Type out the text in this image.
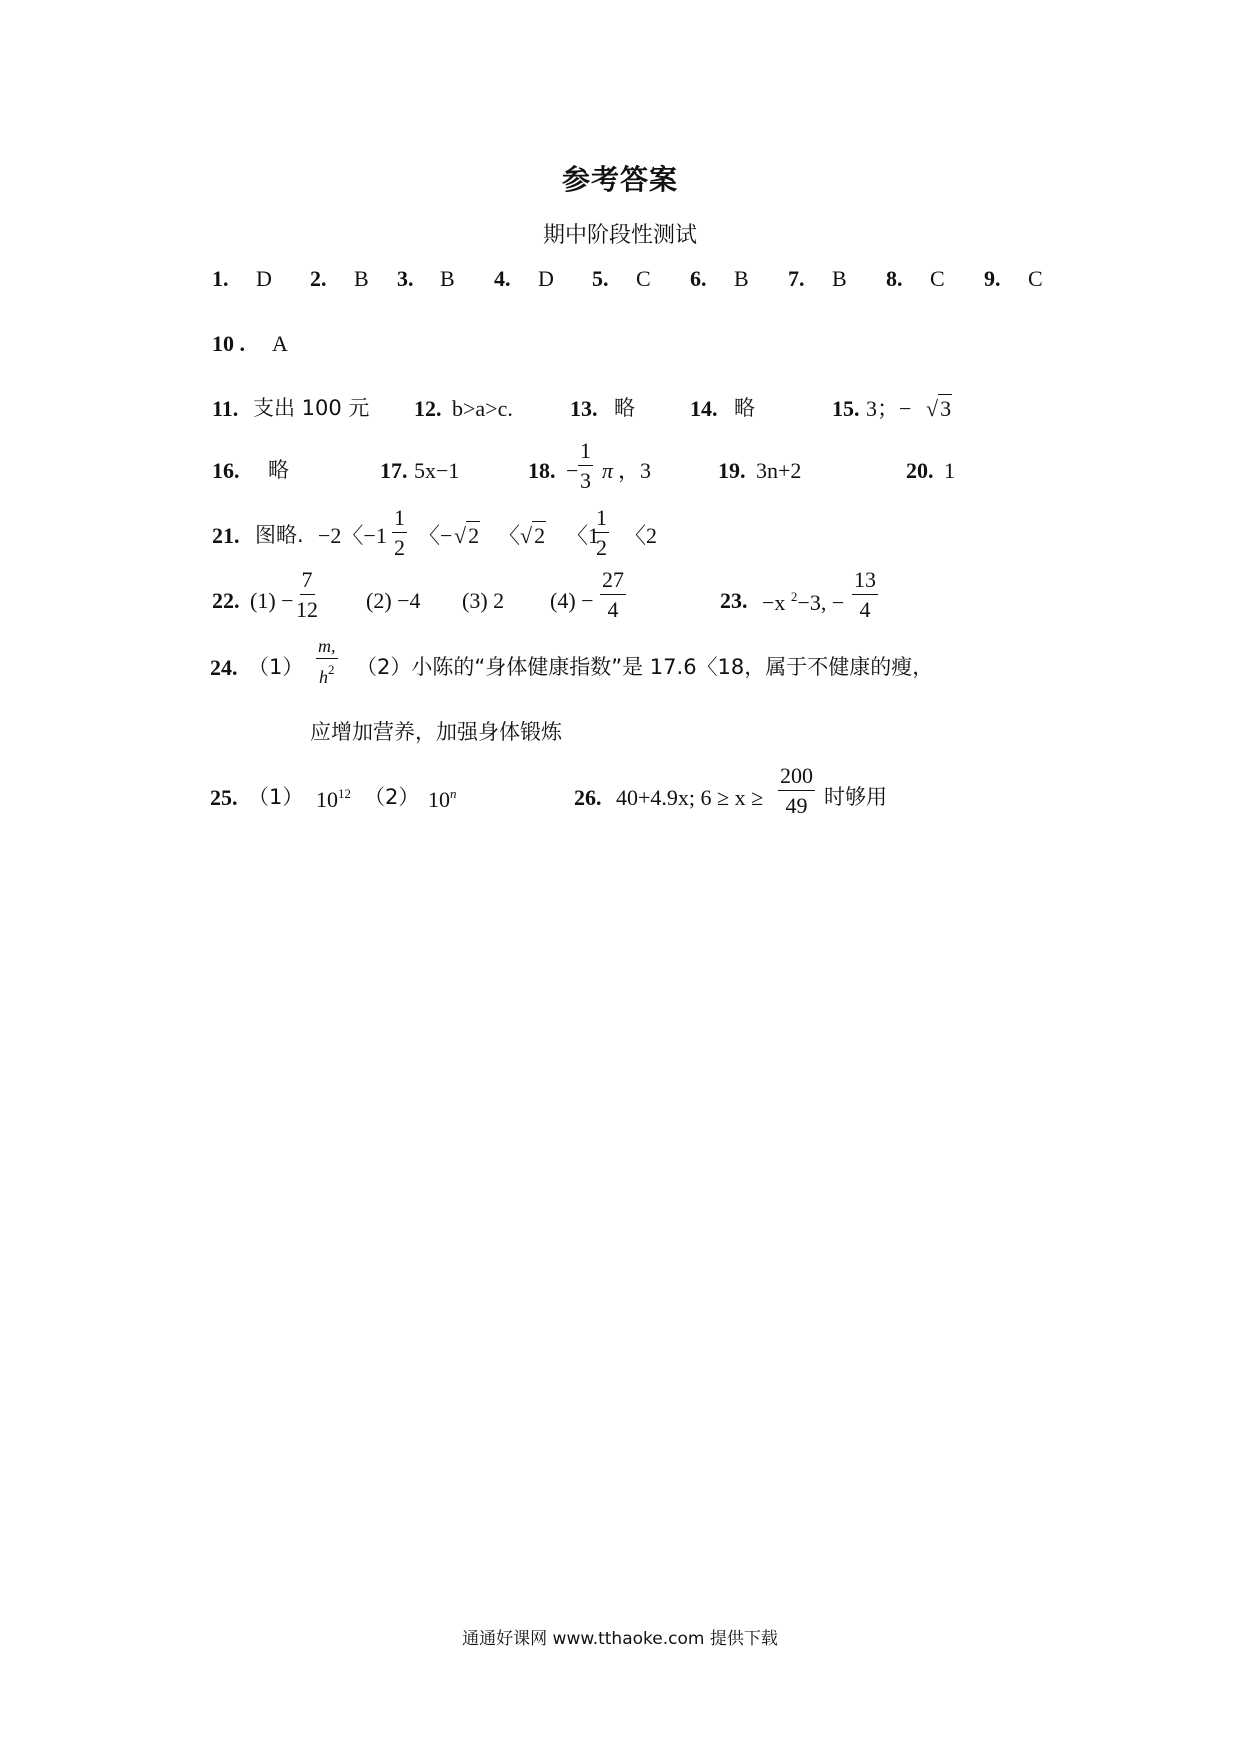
参考答案
期中阶段性测试
1. D 2. B 3. B 4. D 5. C 6. B 7. B 8. C 9. C
10 . A
11. 支出 100 元 12. b>a>c.	13. 略	14. 略	15. 3；− √3
16. 略	17. 5x−1	18. − $\frac{1}{3}$ π ，3	19. 3n+2	20. 1
21. 图略. −2〈$-1 \frac{1}{2}$ 〈− √2 〈 √2 〈1
$\frac{1}{2}$ 〈2
22. $(1) - \frac{7}{12} (2) -4$ (3) 2 $(4) - \frac{27}{4}$	23. −x $^2$−3, − $\frac{13}{4}$
24. $(1) \frac{m,}{h^2} (2)$小陈的“身体健康指数”是 17.6〈18，属于不健康的瘦，
应增加营养，加强身体锻炼
25. （1） $10^{12}$ （2） 10$^n$	26. 40+4.9x; $6 \ge x \ge \frac{200}{49}$ 时够用
通通好课网 www.tthaoke.com 提供下载
